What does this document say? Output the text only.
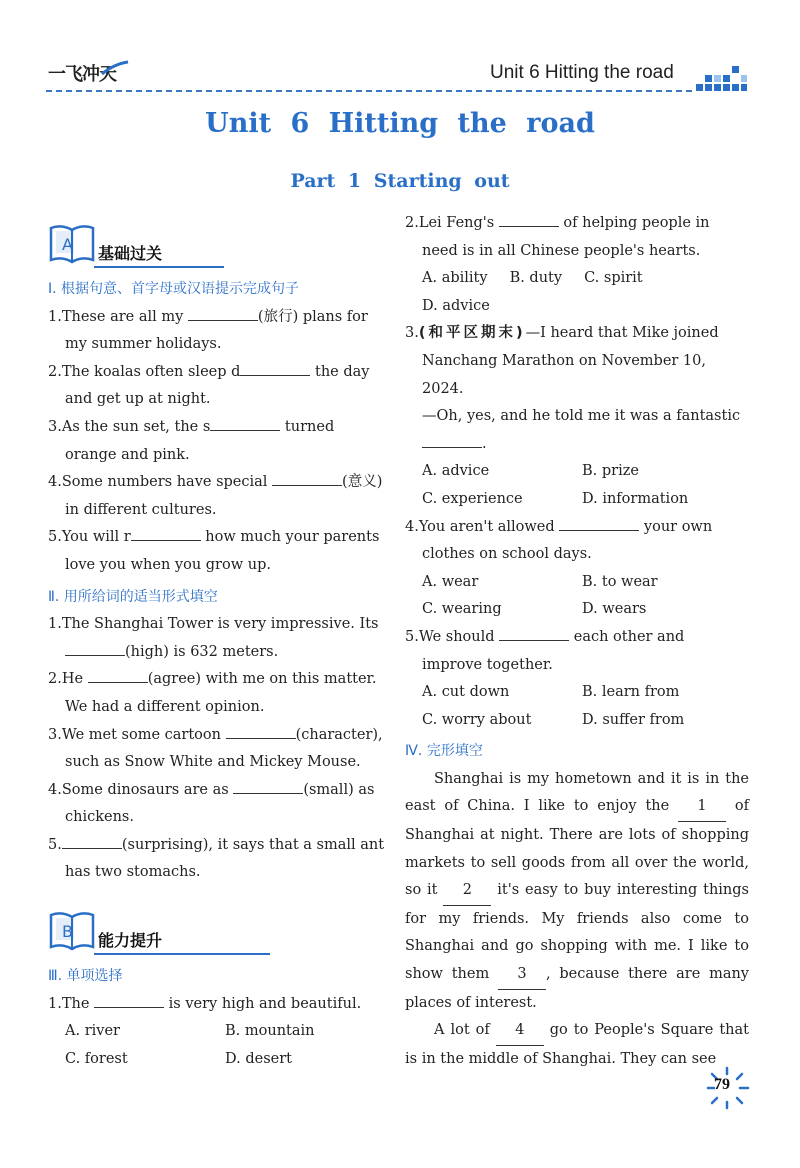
一飞冲天	Unit 6 Hitting the road
Unit 6 Hitting the road
Part 1 Starting out
A 基础过关
Ⅰ. 根据句意、首字母或汉语提示完成句子

1.These are all my	(旅行) plans for my summer holidays.

2.The koalas often sleep d	the day and get up at night.

3.As the sun set, the s	turned orange and pink.

4.Some numbers have special	(意义) in different cultures.

5.You will r	how much your parents love you when you grow up.

Ⅱ. 用所给词的适当形式填空

1.The Shanghai Tower is very impressive. Its (high) is 632 meters.

2.He	(agree) with me on this matter. We had a different opinion.

3.We met some cartoon	(character), such as Snow White and Mickey Mouse.

4.Some dinosaurs are as	(small) as chickens.

5.	(surprising), it says that a small ant has two stomachs.

B 能力提升
Ⅲ. 单项选择

1.The	is very high and beautiful.

A. river	B. mountain
C. forest	D. desert

2.Lei Feng's	of helping people in need is in all Chinese people's hearts.

A. ability B. duty C. spirit
D. advice

3.(和平区期末)—I heard that Mike joined Nanchang Marathon on November 10, 2024.

—Oh, yes, and he told me it was a fantastic .

A. advice	B. prize
C. experience	D. information

4.You aren't allowed	your own clothes on school days.

A. wear	B. to wear
C. wearing	D. wears

5.We should	each other and improve together.

A. cut down	B. learn from
C. worry about	D. suffer from
Ⅳ. 完形填空

Shanghai is my hometown and it is in the east of China. I like to enjoy the 1 of Shanghai at night. There are lots of shopping markets to sell goods from all over the world, so it 2 it's easy to buy interesting things for my friends. My friends also come to Shanghai and go shopping with me. I like to show them 3 , because there are many places of interest.

A lot of 4 go to People's Square that is in the middle of Shanghai. They can see

79
